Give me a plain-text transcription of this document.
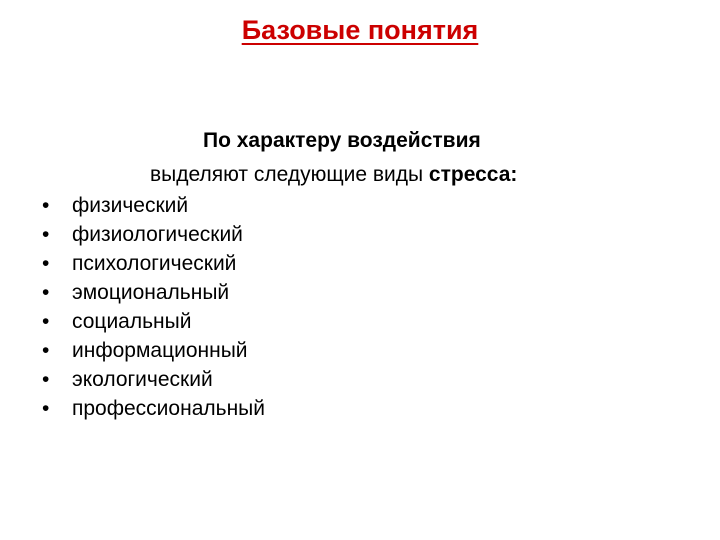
Базовые понятия
По характеру воздействия
выделяют следующие виды стресса:
•	физический
•	физиологический
•	психологический
•	эмоциональный
•	социальный
•	информационный
•	экологический
•	профессиональный
